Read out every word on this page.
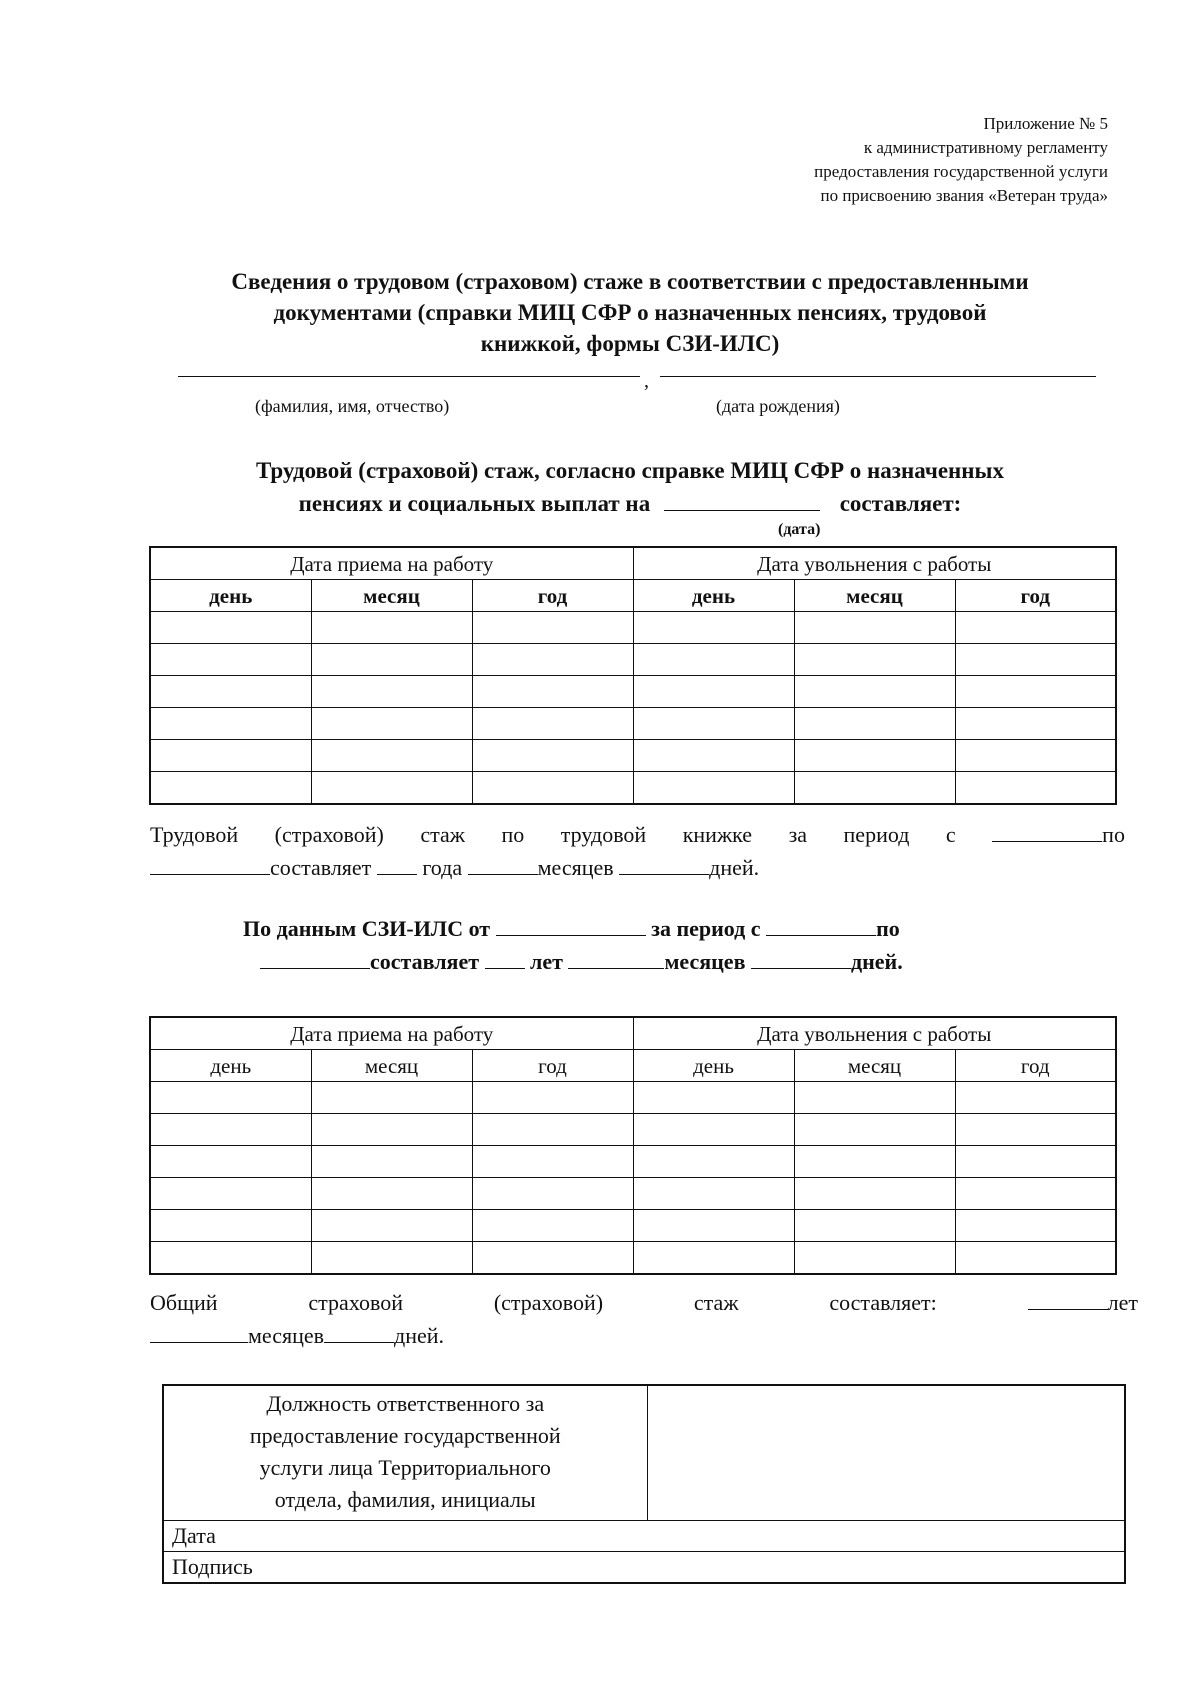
Приложение № 5
к административному регламенту
предоставления государственной услуги
по присвоению звания «Ветеран труда»
Сведения о трудовом (страховом) стаже в соответствии с предоставленными
документами (справки МИЦ СФР о назначенных пенсиях, трудовой
книжкой, формы СЗИ-ИЛС)
,
(фамилия, имя, отчество)	(дата рождения)
Трудовой (страховой) стаж, согласно справке МИЦ СФР о назначенных
пенсиях и социальных выплат на	составляет:
(дата)
Дата приема на работу			Дата увольнения с работы		
день	месяц	год	день	месяц	год

Трудовой (страховой) стаж по трудовой книжке за период с	по
составляет года	месяцев	дней.
По данным СЗИ-ИЛС от	за период с	по
составляет лет	месяцев	дней.
Дата приема на работу			Дата увольнения с работы		
день	месяц	год	день	месяц	год

Общий	страховой	(страховой)	стаж	составляет:	лет
месяцев	дней.
Должность ответственного за
предоставление государственной
услуги лица Территориального
отдела, фамилия, инициалы

Дата
Подпись
